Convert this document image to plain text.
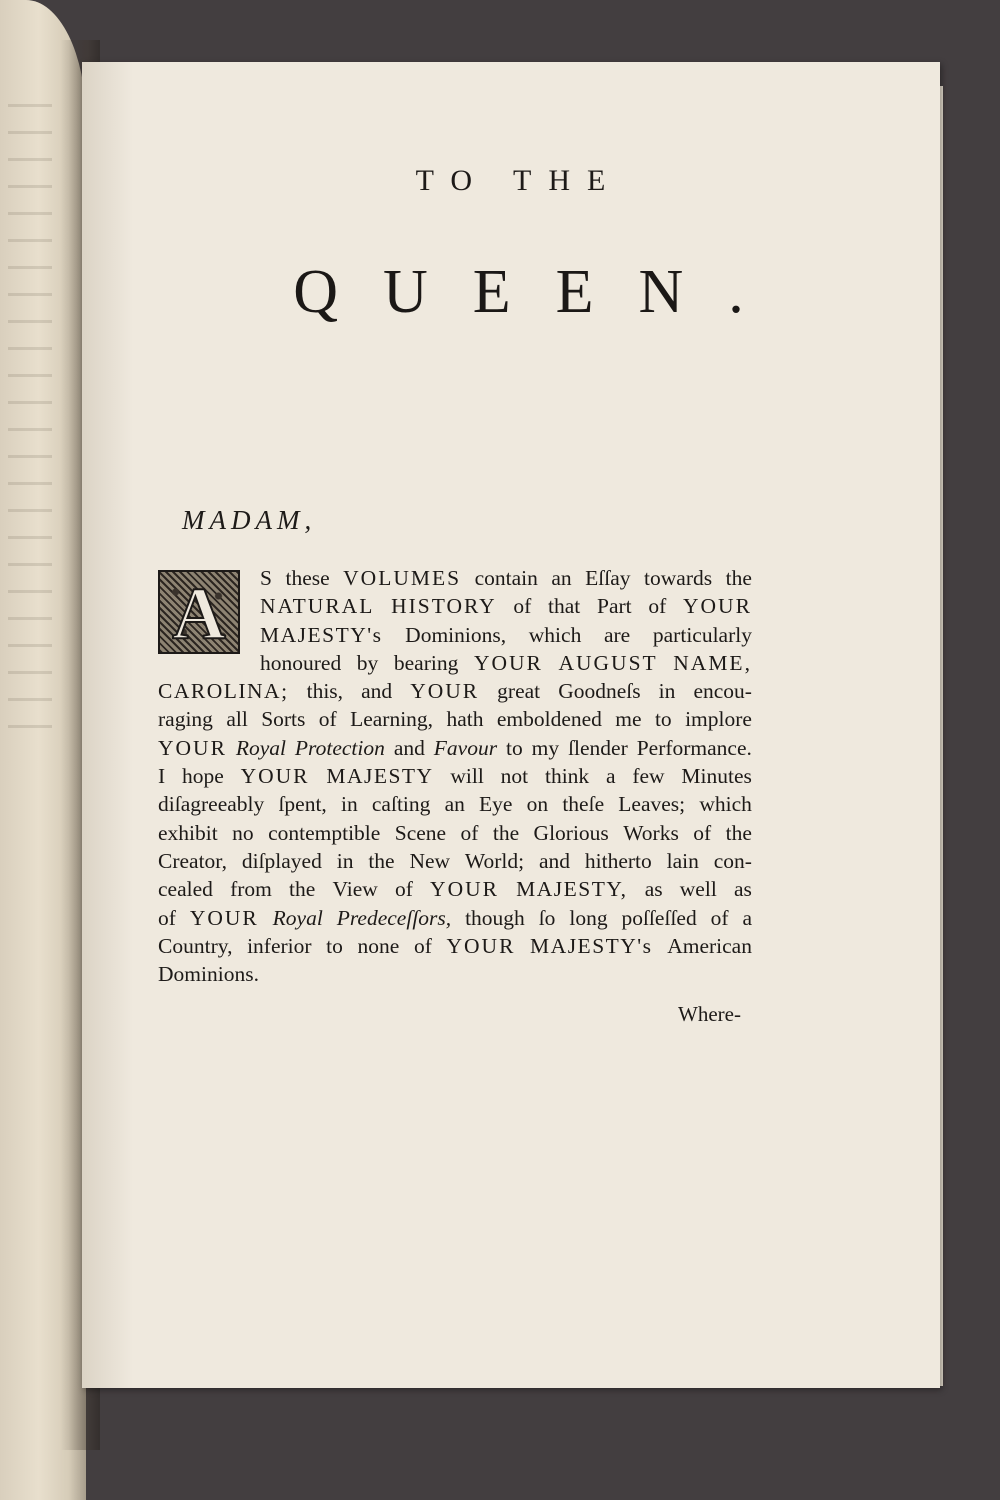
TO THE
QUEEN.
MADAM,
A	S these VOLUMES contain an Eſſay towards the
NATURAL HISTORY of that Part of YOUR
MAJESTY's Dominions, which are particularly
honoured by bearing YOUR AUGUST NAME,
CAROLINA; this, and YOUR great Goodneſs in encou-
raging all Sorts of Learning, hath emboldened me to implore
YOUR Royal Protection and Favour to my ſlender Performance.
I hope YOUR MAJESTY will not think a few Minutes
diſagreeably ſpent, in caſting an Eye on theſe Leaves; which
exhibit no contemptible Scene of the Glorious Works of the
Creator, diſplayed in the New World; and hitherto lain con-
cealed from the View of YOUR MAJESTY, as well as
of YOUR Royal Predeceſſors, though ſo long poſſeſſed of a
Country, inferior to none of YOUR MAJESTY's American
Dominions.
Where-
